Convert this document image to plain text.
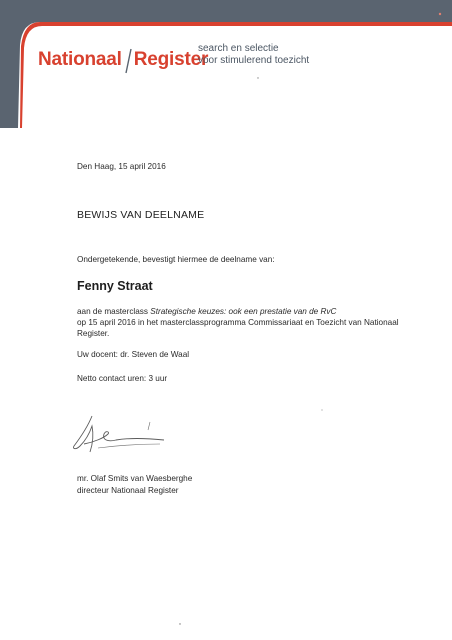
Nationaal Register
search en selectie
voor stimulerend toezicht
Den Haag, 15 april 2016
BEWIJS VAN DEELNAME
Ondergetekende, bevestigt hiermee de deelname van:
Fenny Straat
aan de masterclass Strategische keuzes: ook een prestatie van de RvC
op 15 april 2016 in het masterclassprogramma Commissariaat en Toezicht van Nationaal
Register.
Uw docent: dr. Steven de Waal
Netto contact uren: 3 uur
mr. Olaf Smits van Waesberghe
directeur Nationaal Register
